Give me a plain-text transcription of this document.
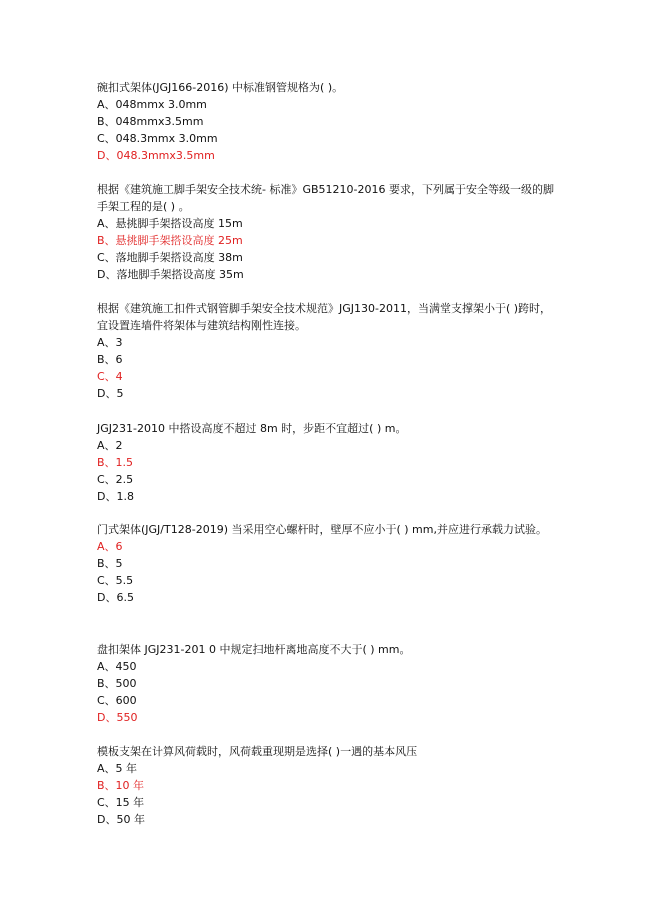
碗扣式架体(JGJ166-2016) 中标准钢管规格为( )。

A、048mmx 3.0mm

B、048mmx3.5mm

C、048.3mmx 3.0mm

D、048.3mmx3.5mm

根据《建筑施工脚手架安全技术统- 标准》GB51210-2016 要求，下列属于安全等级一级的脚手架工程的是( ) 。

A、悬挑脚手架搭设高度 15m

B、悬挑脚手架搭设高度 25m

C、落地脚手架搭设高度 38m

D、落地脚手架搭设高度 35m

根据《建筑施工扣件式钢管脚手架安全技术规范》JGJ130-2011，当满堂支撑架小于( )跨时，宜设置连墙件将架体与建筑结构刚性连接。

A、3

B、6

C、4

D、5

JGJ231-2010 中搭设高度不超过 8m 时，步距不宜超过( ) m。

A、2

B、1.5

C、2.5

D、1.8

门式架体(JGJ/T128-2019) 当采用空心螺杆时，壁厚不应小于( ) mm,并应进行承载力试验。

A、6

B、5

C、5.5

D、6.5

盘扣架体 JGJ231-201 0 中规定扫地杆离地高度不大于( ) mm。

A、450

B、500

C、600

D、550

模板支架在计算风荷载时，风荷载重现期是选择( )一遇的基本风压

A、5 年

B、10 年

C、15 年

D、50 年
